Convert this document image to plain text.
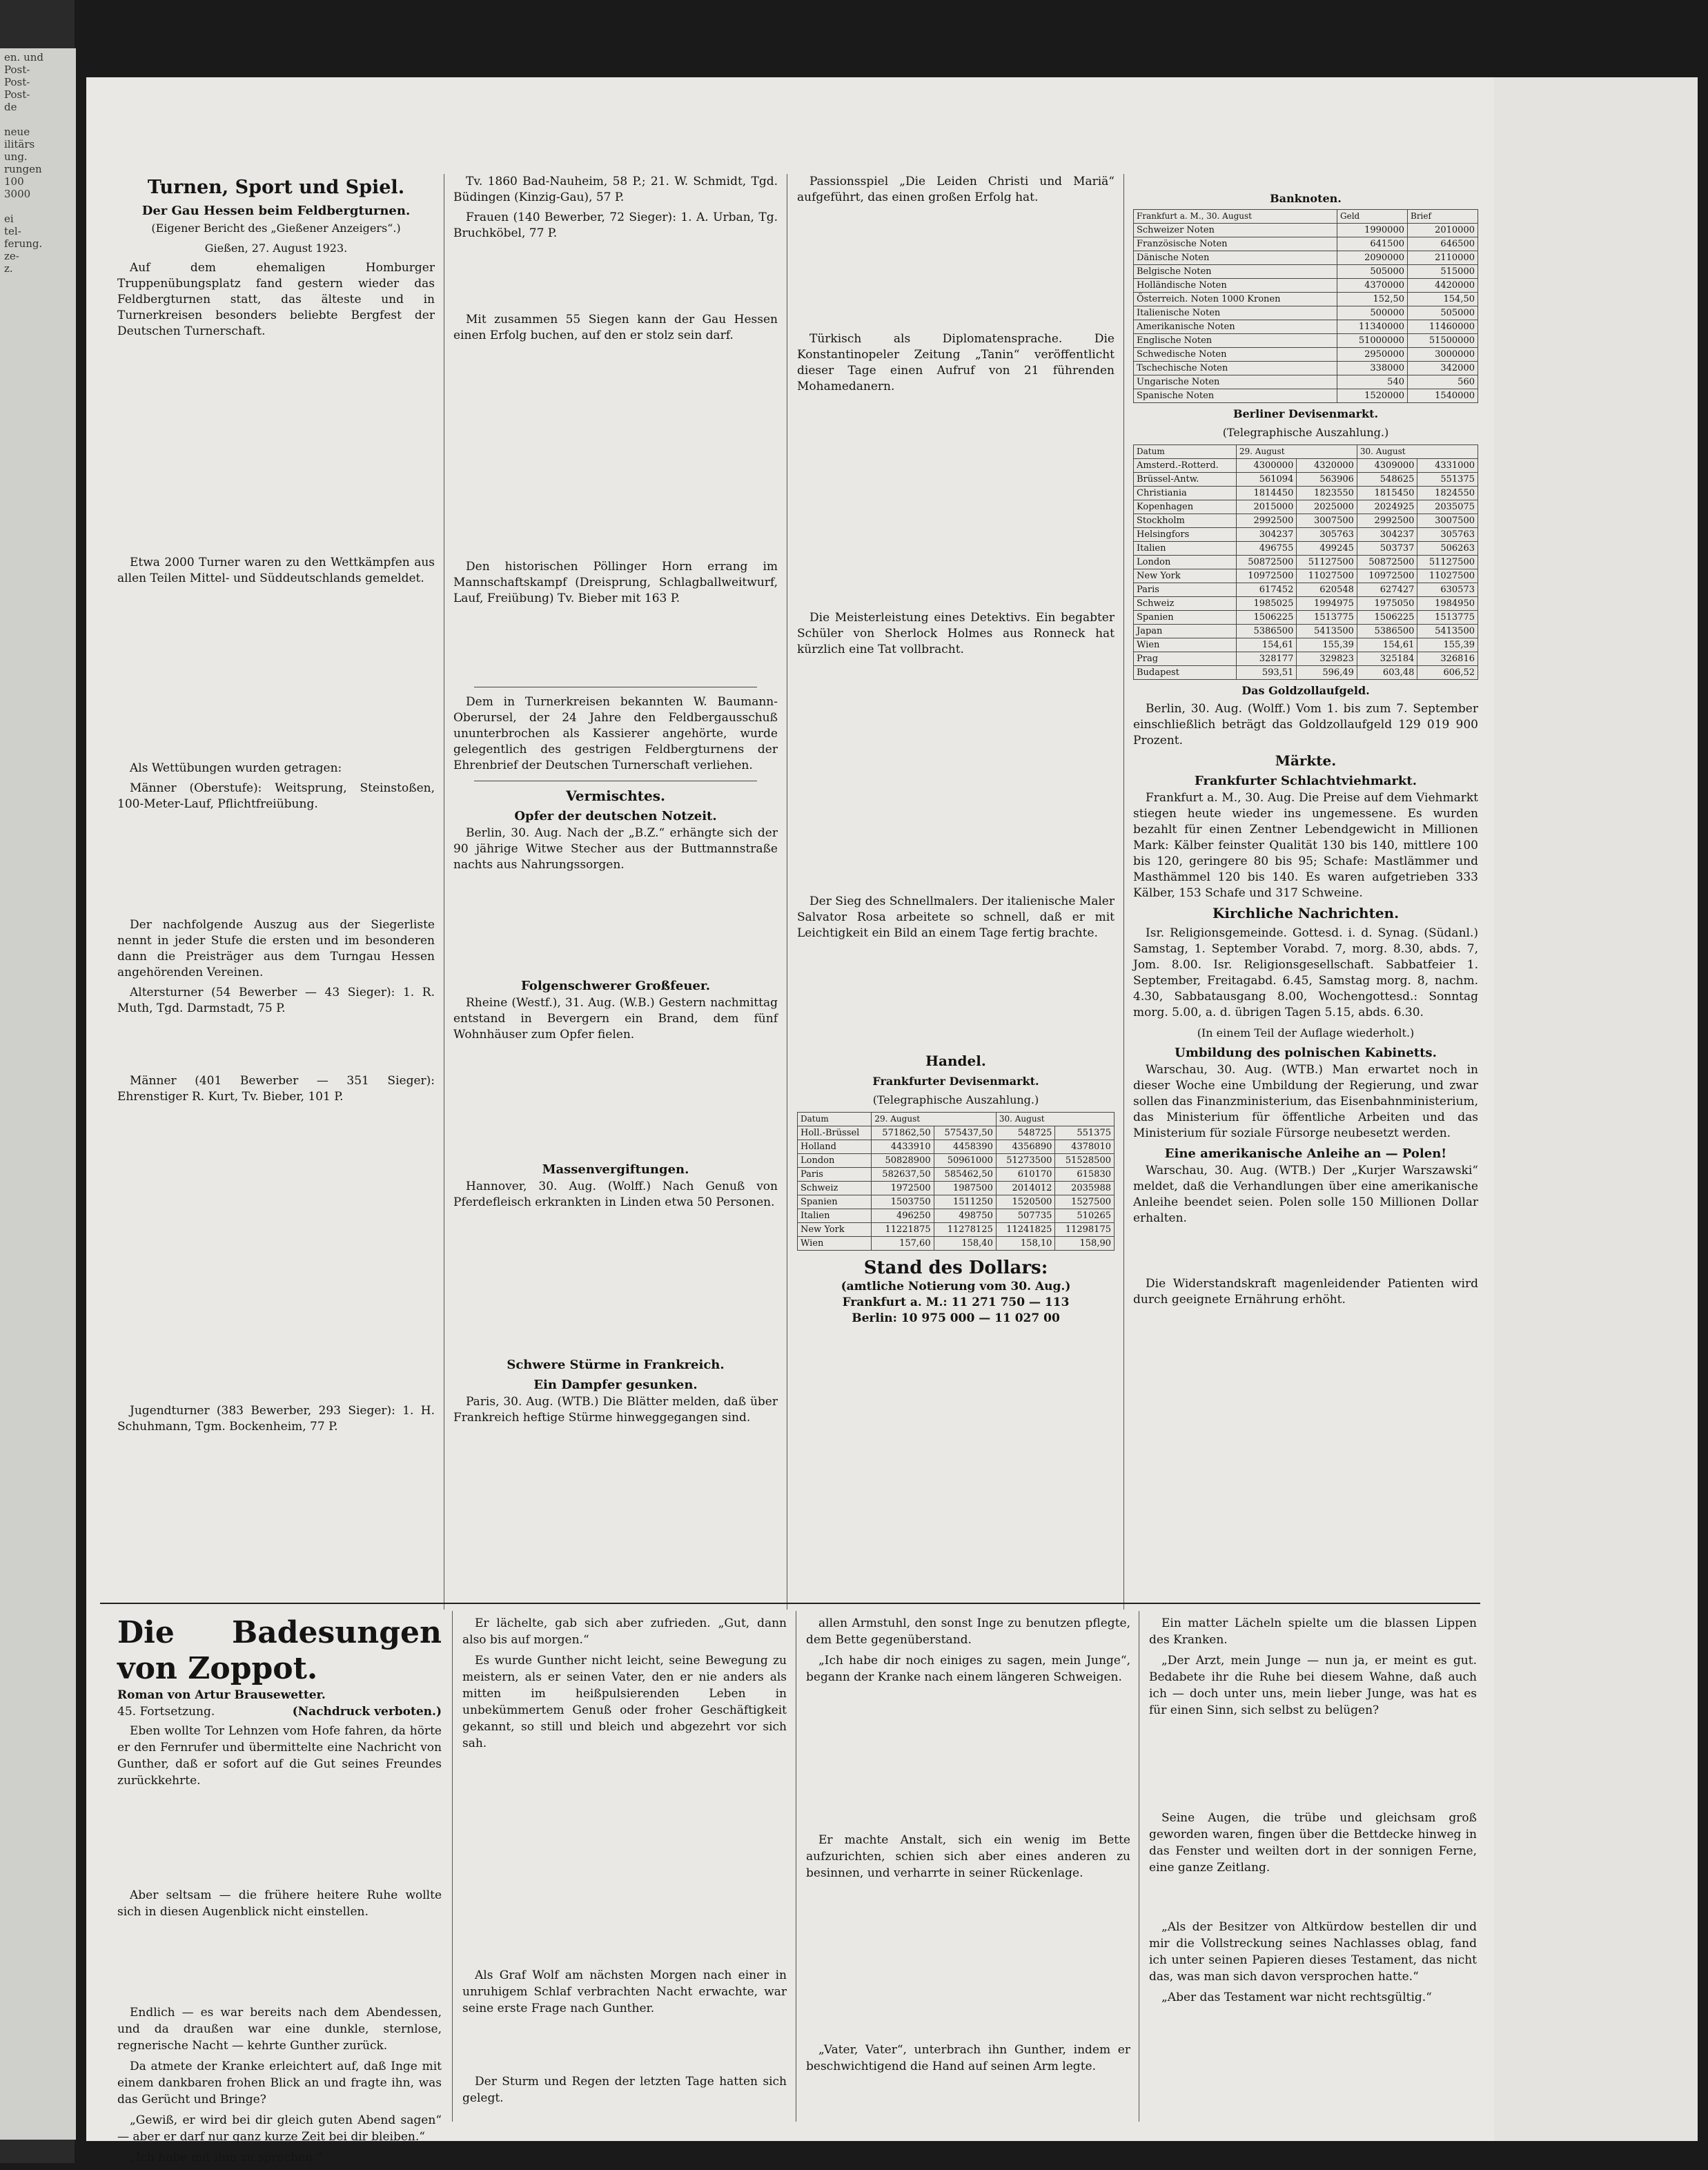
en. und
Post-
Post-
Post-
de

neue
ilitärs
ung.
rungen
100
3000

ei
tel-
ferung.
ze-
z.
Turnen, Sport und Spiel.
Der Gau Hessen beim Feldbergturnen.
(Eigener Bericht des „Gießener Anzeigers“.)
Gießen, 27. August 1923.

Auf dem ehemaligen Homburger Truppenübungsplatz fand gestern wieder das Feldbergturnen statt, das älteste und in Turnerkreisen besonders beliebte Bergfest der Deutschen Turnerschaft.

Etwa 2000 Turner waren zu den Wettkämpfen aus allen Teilen Mittel- und Süddeutschlands gemeldet.

Als Wettübungen wurden getragen:

Männer (Oberstufe): Weitsprung, Steinstoßen, 100-Meter-Lauf, Pflichtfreiübung.

Der nachfolgende Auszug aus der Siegerliste nennt in jeder Stufe die ersten und im besonderen dann die Preisträger aus dem Turngau Hessen angehörenden Vereinen.

Altersturner (54 Bewerber — 43 Sieger): 1. R. Muth, Tgd. Darmstadt, 75 P.

Männer (401 Bewerber — 351 Sieger): Ehrenstiger R. Kurt, Tv. Bieber, 101 P.

Jugendturner (383 Bewerber, 293 Sieger): 1. H. Schuhmann, Tgm. Bockenheim, 77 P.

Tv. 1860 Bad-Nauheim, 58 P.; 21. W. Schmidt, Tgd. Büdingen (Kinzig-Gau), 57 P.

Frauen (140 Bewerber, 72 Sieger): 1. A. Urban, Tg. Bruchköbel, 77 P.

Mit zusammen 55 Siegen kann der Gau Hessen einen Erfolg buchen, auf den er stolz sein darf.

Den historischen Pöllinger Horn errang im Mannschaftskampf (Dreisprung, Schlagballweitwurf, Lauf, Freiübung) Tv. Bieber mit 163 P.

Dem in Turnerkreisen bekannten W. Baumann-Oberursel, der 24 Jahre den Feldbergausschuß ununterbrochen als Kassierer angehörte, wurde gelegentlich des gestrigen Feldbergturnens der Ehrenbrief der Deutschen Turnerschaft verliehen.

Vermischtes.
Opfer der deutschen Notzeit.

Berlin, 30. Aug. Nach der „B.Z.“ erhängte sich der 90 jährige Witwe Stecher aus der Buttmannstraße nachts aus Nahrungssorgen.

Folgenschwerer Großfeuer.

Rheine (Westf.), 31. Aug. (W.B.) Gestern nachmittag entstand in Bevergern ein Brand, dem fünf Wohnhäuser zum Opfer fielen.

Massenvergiftungen.

Hannover, 30. Aug. (Wolff.) Nach Genuß von Pferdefleisch erkrankten in Linden etwa 50 Personen.

Schwere Stürme in Frankreich.
Ein Dampfer gesunken.

Paris, 30. Aug. (WTB.) Die Blätter melden, daß über Frankreich heftige Stürme hinweggegangen sind.

Passionsspiel „Die Leiden Christi und Mariä“ aufgeführt, das einen großen Erfolg hat.

Türkisch als Diplomatensprache. Die Konstantinopeler Zeitung „Tanin“ veröffentlicht dieser Tage einen Aufruf von 21 führenden Mohamedanern.

Die Meisterleistung eines Detektivs. Ein begabter Schüler von Sherlock Holmes aus Ronneck hat kürzlich eine Tat vollbracht.

Der Sieg des Schnellmalers. Der italienische Maler Salvator Rosa arbeitete so schnell, daß er mit Leichtigkeit ein Bild an einem Tage fertig brachte.

Handel.
Frankfurter Devisenmarkt.
(Telegraphische Auszahlung.)
Datum	29. August		30. August	
Holl.-Brüssel	571862,50	575437,50	548725	551375
Holland	4433910	4458390	4356890	4378010
London	50828900	50961000	51273500	51528500
Paris	582637,50	585462,50	610170	615830
Schweiz	1972500	1987500	2014012	2035988
Spanien	1503750	1511250	1520500	1527500
Italien	496250	498750	507735	510265
New York	11221875	11278125	11241825	11298175
Wien	157,60	158,40	158,10	158,90
Stand des Dollars:
(amtliche Notierung vom 30. Aug.)
Frankfurt a. M.: 11 271 750 — 113
Berlin: 10 975 000 — 11 027 00
Banknoten.
Frankfurt a. M., 30. August	Geld	Brief
Schweizer Noten	1990000	2010000
Französische Noten	641500	646500
Dänische Noten	2090000	2110000
Belgische Noten	505000	515000
Holländische Noten	4370000	4420000
Österreich. Noten 1000 Kronen	152,50	154,50
Italienische Noten	500000	505000
Amerikanische Noten	11340000	11460000
Englische Noten	51000000	51500000
Schwedische Noten	2950000	3000000
Tschechische Noten	338000	342000
Ungarische Noten	540	560
Spanische Noten	1520000	1540000
Berliner Devisenmarkt.
(Telegraphische Auszahlung.)
Datum	29. August		30. August	
Amsterd.-Rotterd.	4300000	4320000	4309000	4331000
Brüssel-Antw.	561094	563906	548625	551375
Christiania	1814450	1823550	1815450	1824550
Kopenhagen	2015000	2025000	2024925	2035075
Stockholm	2992500	3007500	2992500	3007500
Helsingfors	304237	305763	304237	305763
Italien	496755	499245	503737	506263
London	50872500	51127500	50872500	51127500
New York	10972500	11027500	10972500	11027500
Paris	617452	620548	627427	630573
Schweiz	1985025	1994975	1975050	1984950
Spanien	1506225	1513775	1506225	1513775
Japan	5386500	5413500	5386500	5413500
Wien	154,61	155,39	154,61	155,39
Prag	328177	329823	325184	326816
Budapest	593,51	596,49	603,48	606,52
Das Goldzollaufgeld.

Berlin, 30. Aug. (Wolff.) Vom 1. bis zum 7. September einschließlich beträgt das Goldzollaufgeld 129 019 900 Prozent.

Märkte.
Frankfurter Schlachtviehmarkt.

Frankfurt a. M., 30. Aug. Die Preise auf dem Viehmarkt stiegen heute wieder ins ungemessene. Es wurden bezahlt für einen Zentner Lebendgewicht in Millionen Mark: Kälber feinster Qualität 130 bis 140, mittlere 100 bis 120, geringere 80 bis 95; Schafe: Mastlämmer und Masthämmel 120 bis 140. Es waren aufgetrieben 333 Kälber, 153 Schafe und 317 Schweine.

Kirchliche Nachrichten.

Isr. Religionsgemeinde. Gottesd. i. d. Synag. (Südanl.) Samstag, 1. September Vorabd. 7, morg. 8.30, abds. 7, Jom. 8.00. Isr. Religionsgesellschaft. Sabbatfeier 1. September, Freitagabd. 6.45, Samstag morg. 8, nachm. 4.30, Sabbatausgang 8.00, Wochengottesd.: Sonntag morg. 5.00, a. d. übrigen Tagen 5.15, abds. 6.30.

(In einem Teil der Auflage wiederholt.)
Umbildung des polnischen Kabinetts.

Warschau, 30. Aug. (WTB.) Man erwartet noch in dieser Woche eine Umbildung der Regierung, und zwar sollen das Finanzministerium, das Eisenbahnministerium, das Ministerium für öffentliche Arbeiten und das Ministerium für soziale Fürsorge neubesetzt werden.

Eine amerikanische Anleihe an — Polen!

Warschau, 30. Aug. (WTB.) Der „Kurjer Warszawski“ meldet, daß die Verhandlungen über eine amerikanische Anleihe beendet seien. Polen solle 150 Millionen Dollar erhalten.

Die Widerstandskraft magenleidender Patienten wird durch geeignete Ernährung erhöht.

Die Badesungen von Zoppot.
Roman von Artur Brausewetter.
45. Fortsetzung.	(Nachdruck verboten.)

Eben wollte Tor Lehnzen vom Hofe fahren, da hörte er den Fernrufer und übermittelte eine Nachricht von Gunther, daß er sofort auf die Gut seines Freundes zurückkehrte.

Aber seltsam — die frühere heitere Ruhe wollte sich in diesen Augenblick nicht einstellen.

Endlich — es war bereits nach dem Abendessen, und da draußen war eine dunkle, sternlose, regnerische Nacht — kehrte Gunther zurück.

Da atmete der Kranke erleichtert auf, daß Inge mit einem dankbaren frohen Blick an und fragte ihn, was das Gerücht und Bringe?

„Gewiß, er wird bei dir gleich guten Abend sagen“ — aber er darf nur ganz kurze Zeit bei dir bleiben.“

„Ich habe mit ihm zu sprechen.“

Er lächelte, gab sich aber zufrieden. „Gut, dann also bis auf morgen.“

Es wurde Gunther nicht leicht, seine Bewegung zu meistern, als er seinen Vater, den er nie anders als mitten im heißpulsierenden Leben in unbekümmertem Genuß oder froher Geschäftigkeit gekannt, so still und bleich und abgezehrt vor sich sah.

Als Graf Wolf am nächsten Morgen nach einer in unruhigem Schlaf verbrachten Nacht erwachte, war seine erste Frage nach Gunther.

Der Sturm und Regen der letzten Tage hatten sich gelegt.

allen Armstuhl, den sonst Inge zu benutzen pflegte, dem Bette gegenüberstand.

„Ich habe dir noch einiges zu sagen, mein Junge“, begann der Kranke nach einem längeren Schweigen.

Er machte Anstalt, sich ein wenig im Bette aufzurichten, schien sich aber eines anderen zu besinnen, und verharrte in seiner Rückenlage.

„Vater, Vater“, unterbrach ihn Gunther, indem er beschwichtigend die Hand auf seinen Arm legte.

Ein matter Lächeln spielte um die blassen Lippen des Kranken.

„Der Arzt, mein Junge — nun ja, er meint es gut. Bedabete ihr die Ruhe bei diesem Wahne, daß auch ich — doch unter uns, mein lieber Junge, was hat es für einen Sinn, sich selbst zu belügen?

Seine Augen, die trübe und gleichsam groß geworden waren, fingen über die Bettdecke hinweg in das Fenster und weilten dort in der sonnigen Ferne, eine ganze Zeitlang.

„Als der Besitzer von Altkürdow bestellen dir und mir die Vollstreckung seines Nachlasses oblag, fand ich unter seinen Papieren dieses Testament, das nicht das, was man sich davon versprochen hatte.“

„Aber das Testament war nicht rechtsgültig.“
